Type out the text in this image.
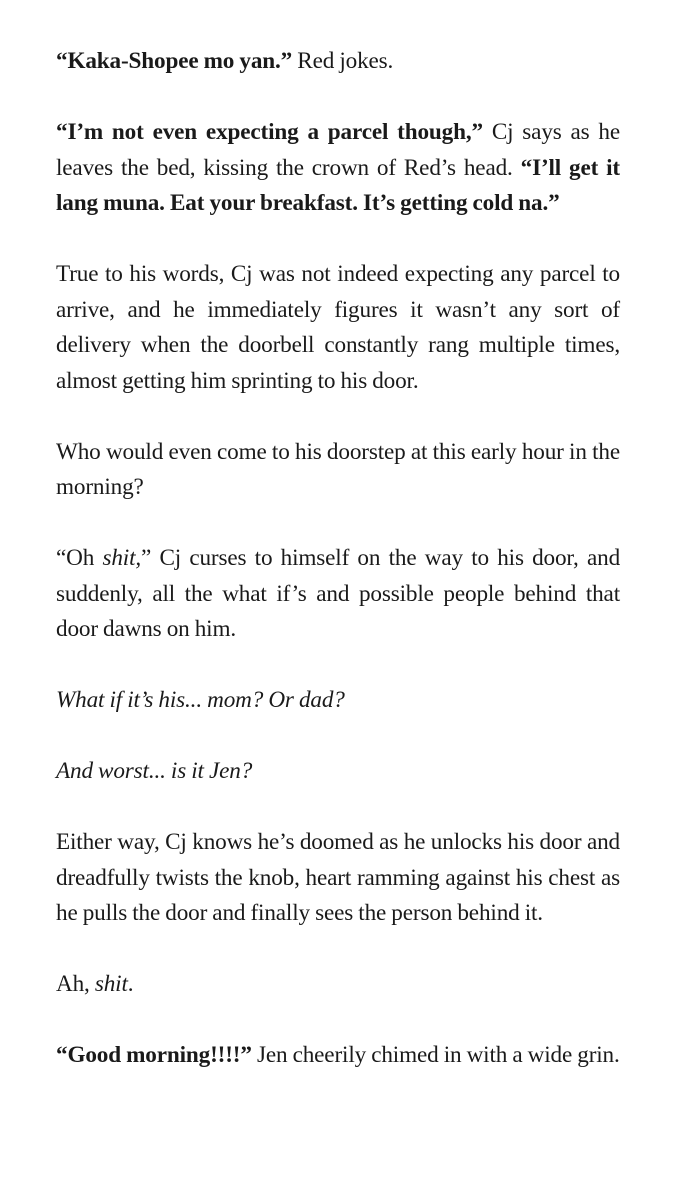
“Kaka-Shopee mo yan.” Red jokes.

“I’m not even expecting a parcel though,” Cj says as he leaves the bed, kissing the crown of Red’s head. “I’ll get it lang muna. Eat your breakfast. It’s getting cold na.”

True to his words, Cj was not indeed expecting any parcel to arrive, and he immediately figures it wasn’t any sort of delivery when the doorbell constantly rang multiple times, almost getting him sprinting to his door.

Who would even come to his doorstep at this early hour in the morning?

“Oh shit,” Cj curses to himself on the way to his door, and suddenly, all the what if’s and possible people behind that door dawns on him.

What if it’s his... mom? Or dad?

And worst... is it Jen?

Either way, Cj knows he’s doomed as he unlocks his door and dreadfully twists the knob, heart ramming against his chest as he pulls the door and finally sees the person behind it.

Ah, shit.

“Good morning!!!!” Jen cheerily chimed in with a wide grin.
